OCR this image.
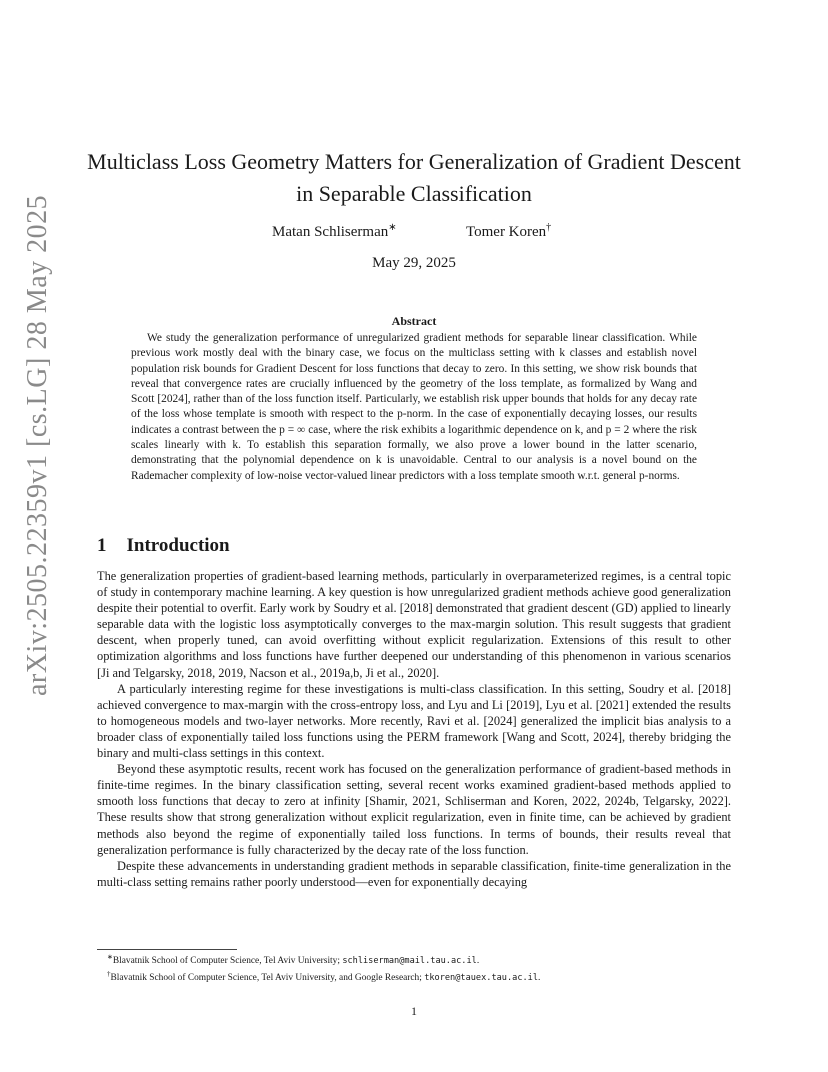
arXiv:2505.22359v1 [cs.LG] 28 May 2025
Multiclass Loss Geometry Matters for Generalization of Gradient Descent in Separable Classification
Matan Schliserman∗	Tomer Koren†
May 29, 2025
Abstract
We study the generalization performance of unregularized gradient methods for separable linear classification. While previous work mostly deal with the binary case, we focus on the multiclass setting with k classes and establish novel population risk bounds for Gradient Descent for loss functions that decay to zero. In this setting, we show risk bounds that reveal that convergence rates are crucially influenced by the geometry of the loss template, as formalized by Wang and Scott [2024], rather than of the loss function itself. Particularly, we establish risk upper bounds that holds for any decay rate of the loss whose template is smooth with respect to the p-norm. In the case of exponentially decaying losses, our results indicates a contrast between the p = ∞ case, where the risk exhibits a logarithmic dependence on k, and p = 2 where the risk scales linearly with k. To establish this separation formally, we also prove a lower bound in the latter scenario, demonstrating that the polynomial dependence on k is unavoidable. Central to our analysis is a novel bound on the Rademacher complexity of low-noise vector-valued linear predictors with a loss template smooth w.r.t. general p-norms.
1 Introduction

The generalization properties of gradient-based learning methods, particularly in overparameterized regimes, is a central topic of study in contemporary machine learning. A key question is how unregularized gradient methods achieve good generalization despite their potential to overfit. Early work by Soudry et al. [2018] demonstrated that gradient descent (GD) applied to linearly separable data with the logistic loss asymptotically converges to the max-margin solution. This result suggests that gradient descent, when properly tuned, can avoid overfitting without explicit regularization. Extensions of this result to other optimization algorithms and loss functions have further deepened our understanding of this phenomenon in various scenarios [Ji and Telgarsky, 2018, 2019, Nacson et al., 2019a,b, Ji et al., 2020].

A particularly interesting regime for these investigations is multi-class classification. In this setting, Soudry et al. [2018] achieved convergence to max-margin with the cross-entropy loss, and Lyu and Li [2019], Lyu et al. [2021] extended the results to homogeneous models and two-layer networks. More recently, Ravi et al. [2024] generalized the implicit bias analysis to a broader class of exponentially tailed loss functions using the PERM framework [Wang and Scott, 2024], thereby bridging the binary and multi-class settings in this context.

Beyond these asymptotic results, recent work has focused on the generalization performance of gradient-based methods in finite-time regimes. In the binary classification setting, several recent works examined gradient-based methods applied to smooth loss functions that decay to zero at infinity [Shamir, 2021, Schliserman and Koren, 2022, 2024b, Telgarsky, 2022]. These results show that strong generalization without explicit regularization, even in finite time, can be achieved by gradient methods also beyond the regime of exponentially tailed loss functions. In terms of bounds, their results reveal that generalization performance is fully characterized by the decay rate of the loss function.

Despite these advancements in understanding gradient methods in separable classification, finite-time generalization in the multi-class setting remains rather poorly understood—even for exponentially decaying

∗Blavatnik School of Computer Science, Tel Aviv University; schliserman@mail.tau.ac.il.
†Blavatnik School of Computer Science, Tel Aviv University, and Google Research; tkoren@tauex.tau.ac.il.
1
